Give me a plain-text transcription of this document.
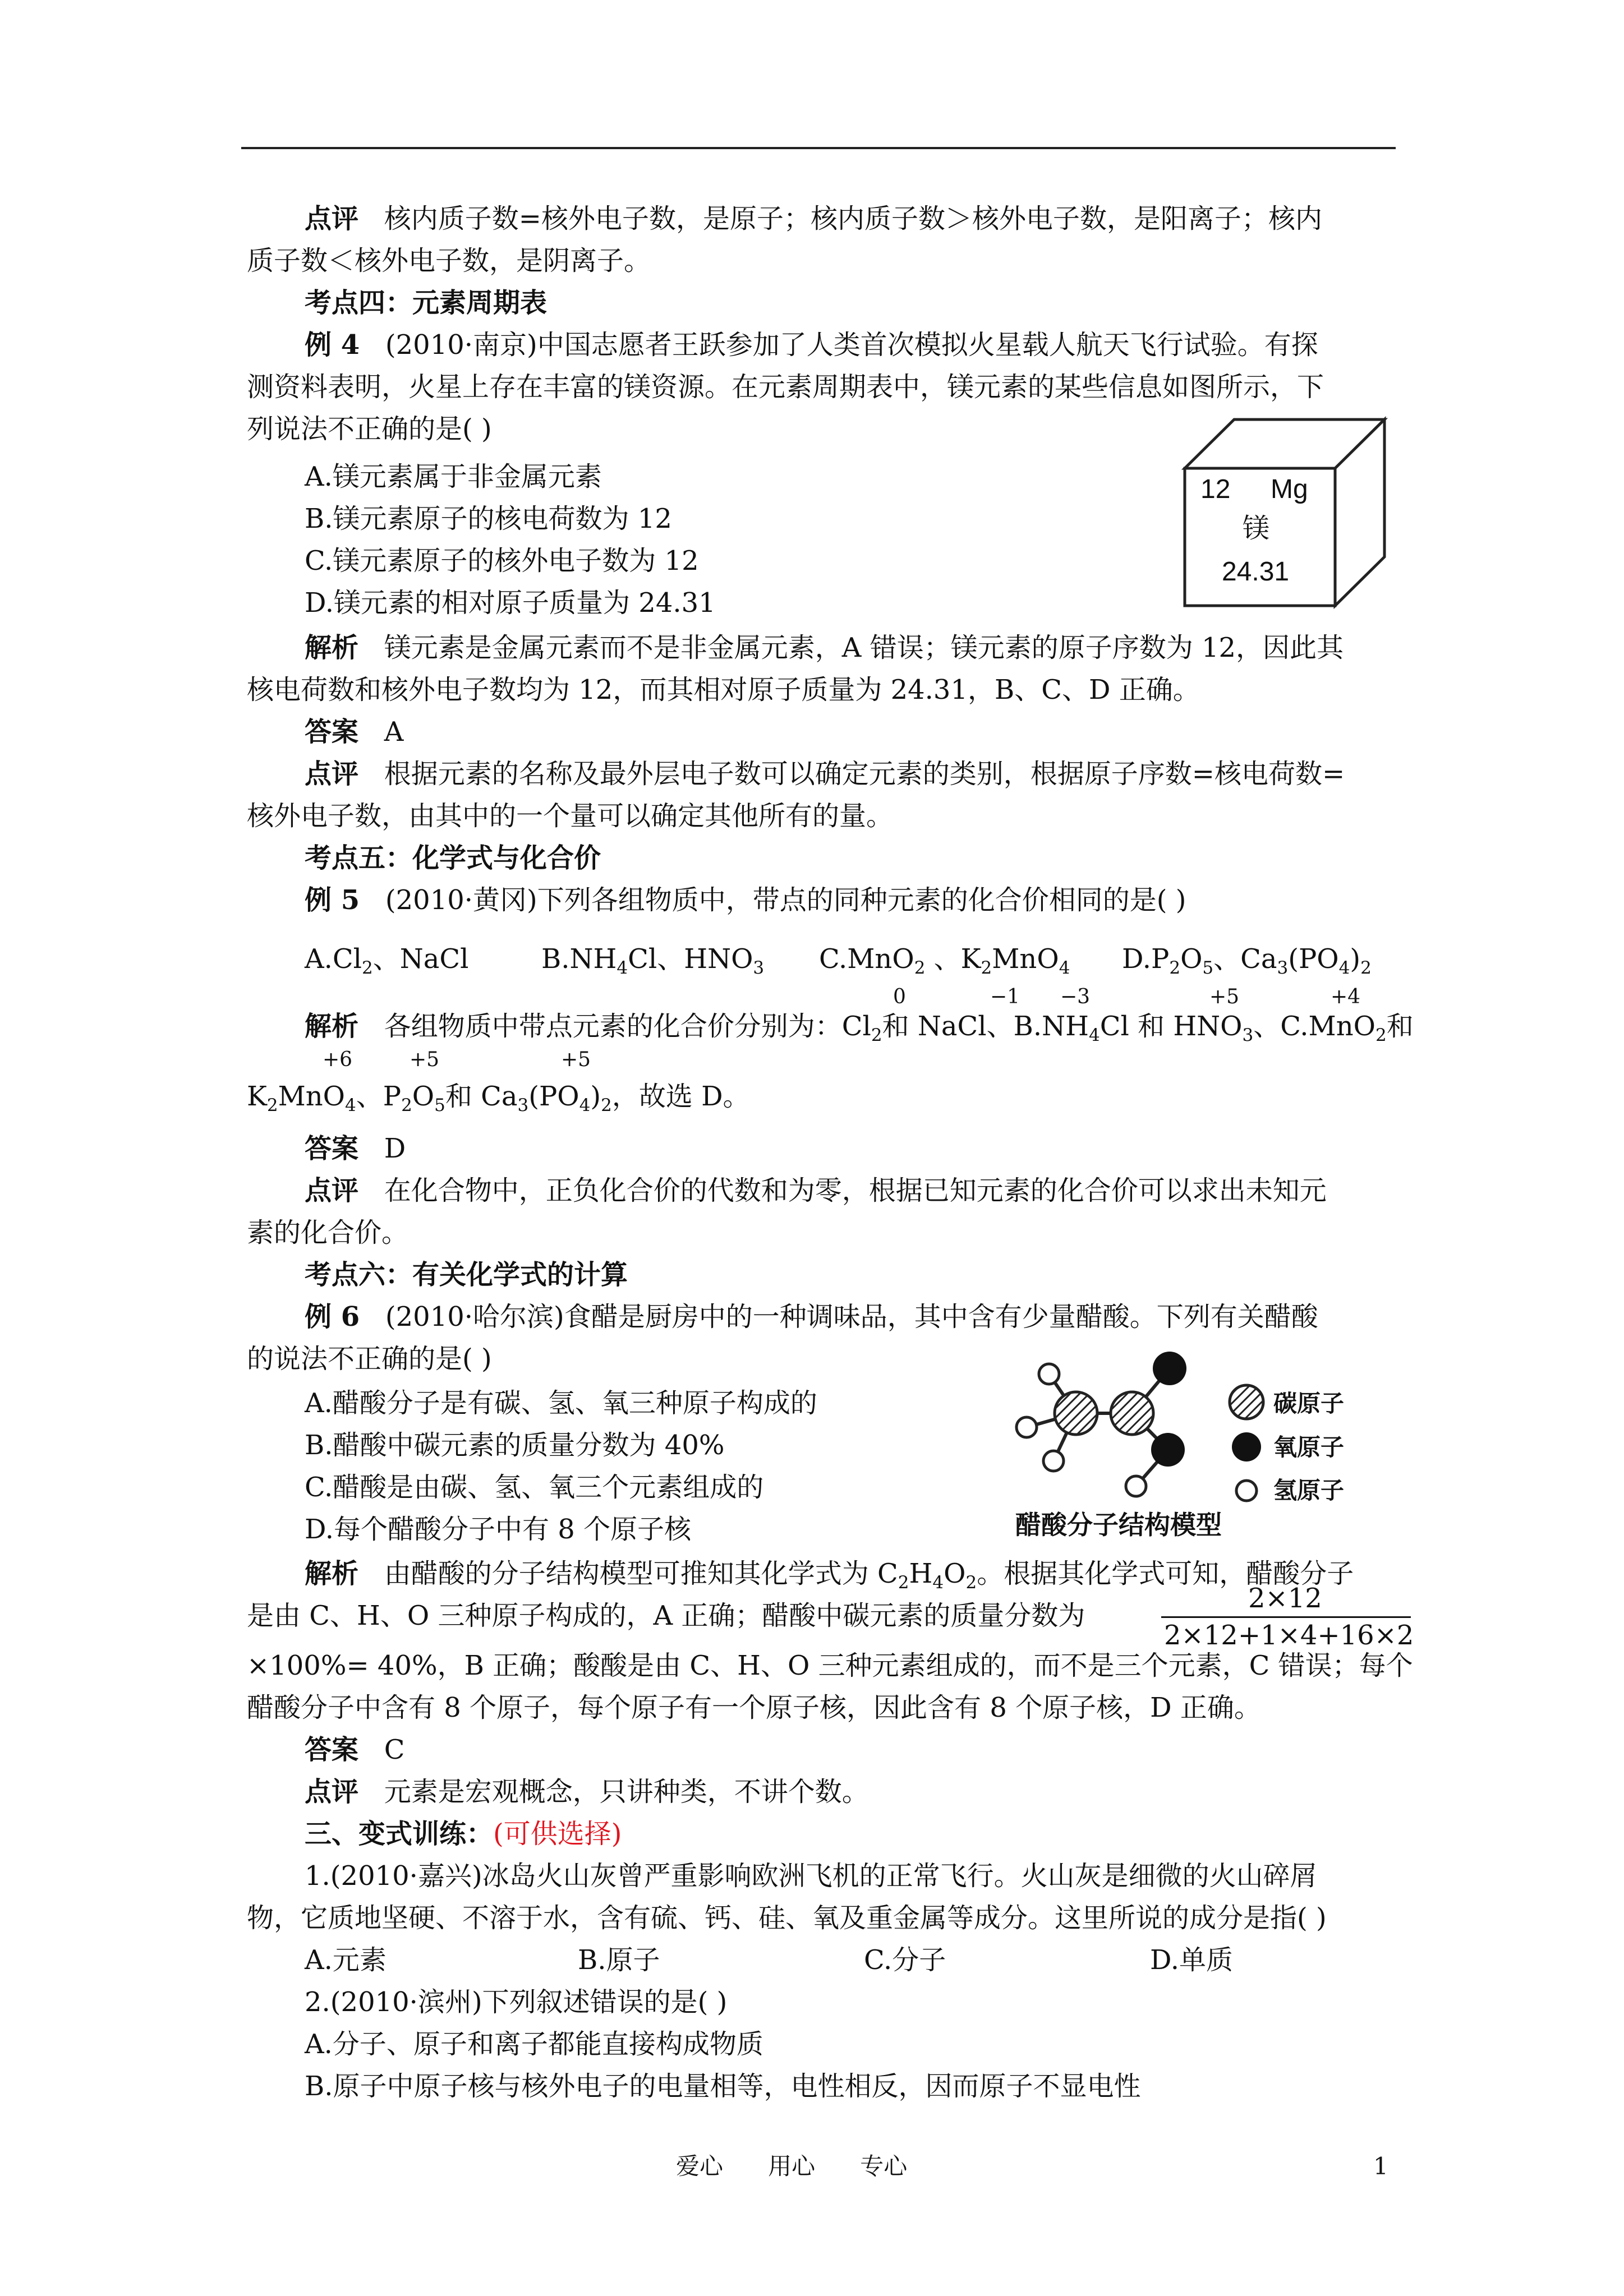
点评 核内质子数=核外电子数，是原子；核内质子数＞核外电子数，是阳离子；核内
质子数＜核外电子数，是阴离子。
考点四：元素周期表
例 4 (2010·南京)中国志愿者王跃参加了人类首次模拟火星载人航天飞行试验。有探
测资料表明，火星上存在丰富的镁资源。在元素周期表中，镁元素的某些信息如图所示，下
列说法不正确的是( )
A.镁元素属于非金属元素
B.镁元素原子的核电荷数为 12
C.镁元素原子的核外电子数为 12
D.镁元素的相对原子质量为 24.31
12 Mg
镁
24.31
解析 镁元素是金属元素而不是非金属元素，A 错误；镁元素的原子序数为 12，因此其
核电荷数和核外电子数均为 12，而其相对原子质量为 24.31，B、C、D 正确。
答案 A
点评 根据元素的名称及最外层电子数可以确定元素的类别，根据原子序数=核电荷数=
核外电子数，由其中的一个量可以确定其他所有的量。
考点五：化学式与化合价
例 5 (2010·黄冈)下列各组物质中，带点的同种元素的化合价相同的是( )
$A.Cl_2$、NaCl	$B.NH_4Cl$、$HNO_3$ C.MnO$_2$ 、$K_2MnO_4$ $D.P_2O_5$、$Ca_3(PO_4)_2$
0	−1 −3	+5	+4
解析 各组物质中带点元素的化合价分别为：$Cl_2$和 NaCl、$B.NH_4Cl$ 和 $HNO_3$、C.MnO$_2$和
+6	+5	+5
$K_2MnO_4$、$P_2O_5$和 $Ca_3(PO_4)_2$，故选 D。
答案 D
点评 在化合物中，正负化合价的代数和为零，根据已知元素的化合价可以求出未知元
素的化合价。
考点六：有关化学式的计算
例 6 (2010·哈尔滨)食醋是厨房中的一种调味品，其中含有少量醋酸。下列有关醋酸
的说法不正确的是( )
A.醋酸分子是有碳、氢、氧三种原子构成的
B.醋酸中碳元素的质量分数为 40%
C.醋酸是由碳、氢、氧三个元素组成的
D.每个醋酸分子中有 8 个原子核
碳原子
氧原子
氢原子
醋酸分子结构模型
解析 由醋酸的分子结构模型可推知其化学式为 $C_2H_4O_2$。根据其化学式可知，醋酸分子
是由 C、H、O 三种原子构成的，A 正确；醋酸中碳元素的质量分数为
2×12
2×12+1×4+16×2
×100%= 40%，B 正确；酸酸是由 C、H、O 三种元素组成的，而不是三个元素，C 错误；每个
醋酸分子中含有 8 个原子，每个原子有一个原子核，因此含有 8 个原子核，D 正确。
答案 C
点评 元素是宏观概念，只讲种类，不讲个数。
三、变式训练：(可供选择)
1.(2010·嘉兴)冰岛火山灰曾严重影响欧洲飞机的正常飞行。火山灰是细微的火山碎屑
物，它质地坚硬、不溶于水，含有硫、钙、硅、氧及重金属等成分。这里所说的成分是指( )
A.元素	B.原子	C.分子	D.单质
2.(2010·滨州)下列叙述错误的是( )
A.分子、原子和离子都能直接构成物质
B.原子中原子核与核外电子的电量相等，电性相反，因而原子不显电性
爱心      用心      专心	1
